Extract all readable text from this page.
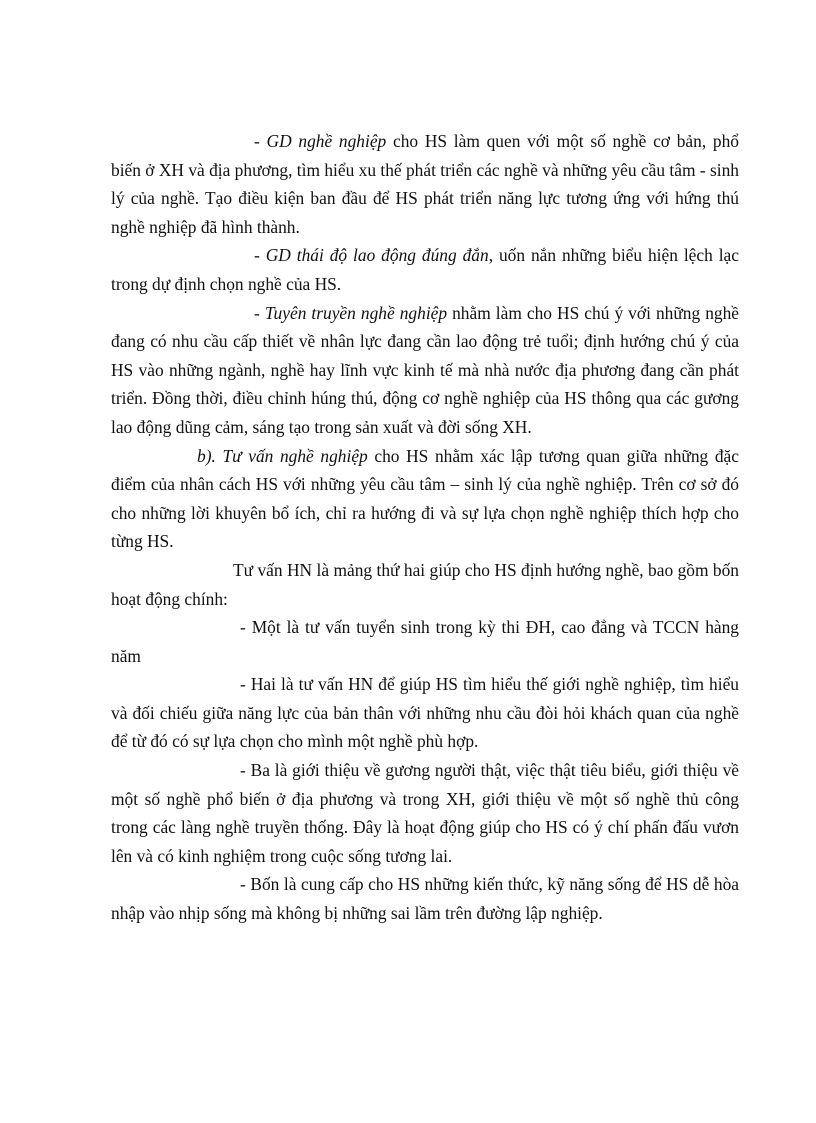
- GD nghề nghiệp cho HS làm quen với một số nghề cơ bản, phổ biến ở XH và địa phương, tìm hiểu xu thế phát triển các nghề và những yêu cầu tâm - sinh lý của nghề. Tạo điều kiện ban đầu để HS phát triển năng lực tương ứng với hứng thú nghề nghiệp đã hình thành.

- GD thái độ lao động đúng đắn, uốn nắn những biểu hiện lệch lạc trong dự định chọn nghề của HS.

- Tuyên truyền nghề nghiệp nhằm làm cho HS chú ý với những nghề đang có nhu cầu cấp thiết về nhân lực đang cần lao động trẻ tuổi; định hướng chú ý của HS vào những ngành, nghề hay lĩnh vực kinh tế mà nhà nước địa phương đang cần phát triển. Đồng thời, điều chỉnh húng thú, động cơ nghề nghiệp của HS thông qua các gương lao động dũng cảm, sáng tạo trong sản xuất và đời sống XH.

b). Tư vấn nghề nghiệp cho HS nhằm xác lập tương quan giữa những đặc điểm của nhân cách HS với những yêu cầu tâm – sinh lý của nghề nghiệp. Trên cơ sở đó cho những lời khuyên bổ ích, chỉ ra hướng đi và sự lựa chọn nghề nghiệp thích hợp cho từng HS.

Tư vấn HN là mảng thứ hai giúp cho HS định hướng nghề, bao gồm bốn hoạt động chính:

- Một là tư vấn tuyển sinh trong kỳ thi ĐH, cao đẳng và TCCN hàng năm

- Hai là tư vấn HN để giúp HS tìm hiểu thế giới nghề nghiệp, tìm hiểu và đối chiếu giữa năng lực của bản thân với những nhu cầu đòi hỏi khách quan của nghề để từ đó có sự lựa chọn cho mình một nghề phù hợp.

- Ba là giới thiệu về gương người thật, việc thật tiêu biểu, giới thiệu về một số nghề phổ biến ở địa phương và trong XH, giới thiệu về một số nghề thủ công trong các làng nghề truyền thống. Đây là hoạt động giúp cho HS có ý chí phấn đấu vươn lên và có kinh nghiệm trong cuộc sống tương lai.

- Bốn là cung cấp cho HS những kiến thức, kỹ năng sống để HS dễ hòa nhập vào nhịp sống mà không bị những sai lầm trên đường lập nghiệp.
